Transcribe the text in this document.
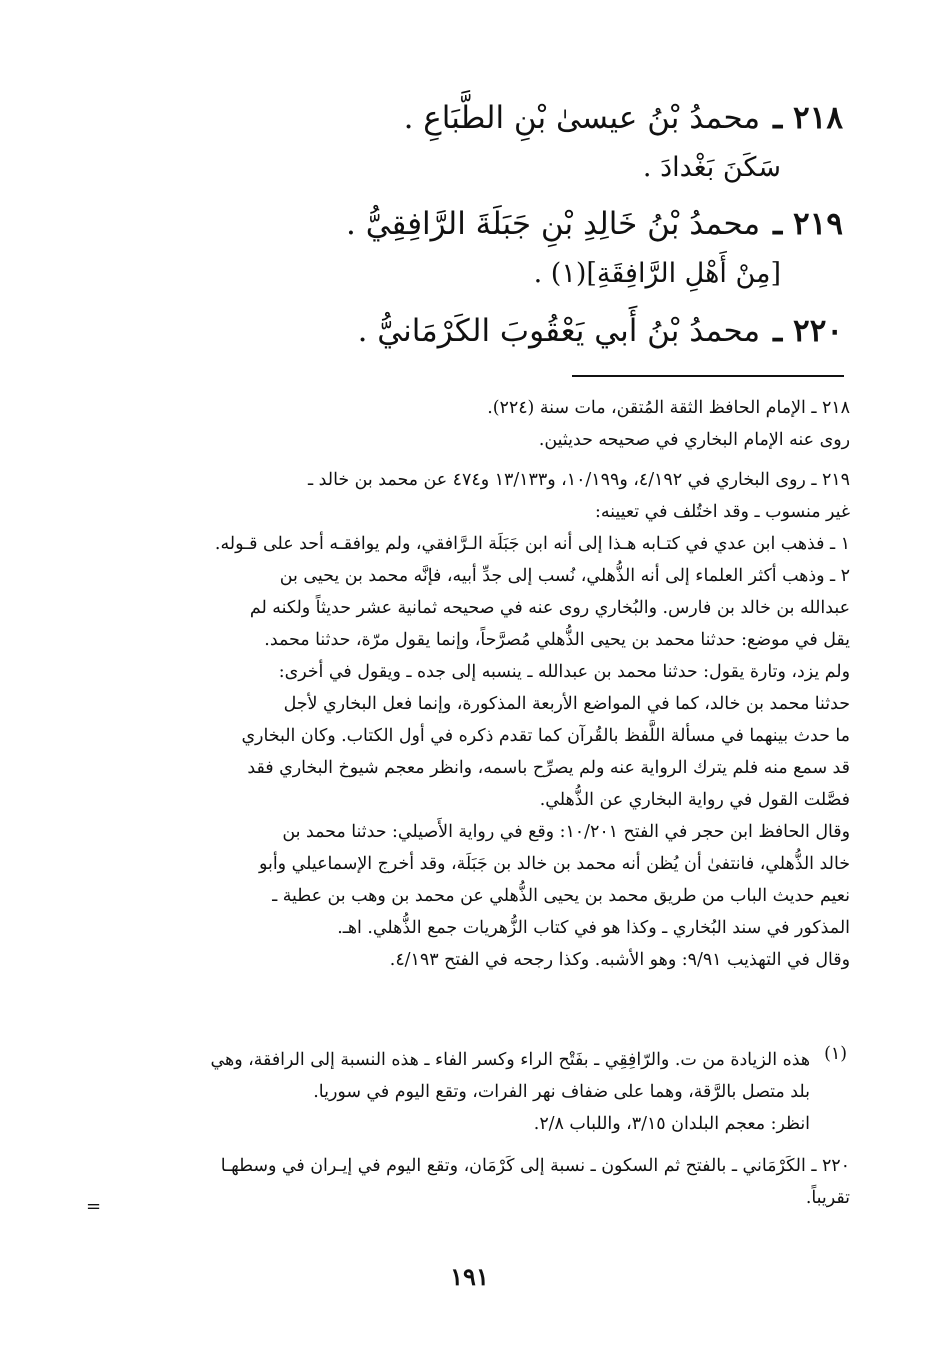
٢١٨ ـ محمدُ بْنُ عيسىٰ بْنِ الطَّبَاعِ .
سَكَنَ بَغْدادَ .
٢١٩ ـ محمدُ بْنُ خَالِدِ بْنِ جَبَلَةَ الرَّافِقِيُّ .
[مِنْ أَهْلِ الرَّافِقَةِ](١) .
٢٢٠ ـ محمدُ بْنُ أَبي يَعْقُوبَ الكَرْمَانيُّ .

٢١٨ ـ الإمام الحافظ الثقة المُتقن، مات سنة (٢٢٤).

روى عنه الإمام البخاري في صحيحه حديثين.

٢١٩ ـ روى البخاري في ٤/١٩٢، و١٠/١٩٩، و١٣/١٣٣ و٤٧٤ عن محمد بن خالد ـ

غير منسوب ـ وقد اختُلف في تعيينه:

١ ـ فذهب ابن عدي في كتـابه هـذا إلى أنه ابن جَبَلَة الـرَّافقي، ولم يوافقـه أحد على قـوله.

٢ ـ وذهب أكثر العلماء إلى أنه الذُّهلي، نُسب إلى جدِّ أبيه، فإنَّه محمد بن يحيى بن

عبدالله بن خالد بن فارس. والبُخاري روى عنه في صحيحه ثمانية عشر حديثاً ولكنه لم

يقل في موضع: حدثنا محمد بن يحيى الذُّهلي مُصرَّحاً، وإنما يقول مرّة، حدثنا محمد.

ولم يزد، وتارة يقول: حدثنا محمد بن عبدالله ـ ينسبه إلى جده ـ ويقول في أخرى:

حدثنا محمد بن خالد، كما في المواضع الأربعة المذكورة، وإنما فعل البخاري لأجل

ما حدث بينهما في مسألة اللَّفظ بالقُرآن كما تقدم ذكره في أول الكتاب. وكان البخاري

قد سمع منه فلم يترك الرواية عنه ولم يصرِّح باسمه، وانظر معجم شيوخ البخاري فقد

فصَّلت القول في رواية البخاري عن الذُّهلي.

وقال الحافظ ابن حجر في الفتح ١٠/٢٠١: وقع في رواية الأَصيلي: حدثنا محمد بن

خالد الذُّهلي، فانتفىٰ أن يُظن أنه محمد بن خالد بن جَبَلَة، وقد أخرج الإسماعيلي وأبو

نعيم حديث الباب من طريق محمد بن يحيى الذُّهلي عن محمد بن وهب بن عطية ـ

المذكور في سند البُخاري ـ وكذا هو في كتاب الزُّهريات جمع الذُّهلي. اهـ.

وقال في التهذيب ٩/٩١: وهو الأشبه. وكذا رجحه في الفتح ٤/١٩٣.

(١)

هذه الزيادة من ت. والرّافِقِي ـ بفَتْح الراء وكسر الفاء ـ هذه النسبة إلى الرافقة، وهي

بلد متصل بالرَّقة، وهما على ضفاف نهر الفرات، وتقع اليوم في سوريا.

انظر: معجم البلدان ٣/١٥، واللباب ٢/٨.

٢٢٠ ـ الكَرْمَاني ـ بالفتح ثم السكون ـ نسبة إلى كَرْمَان، وتقع اليوم في إيـران في وسطهـا

تقريباً.

=
١٩١
